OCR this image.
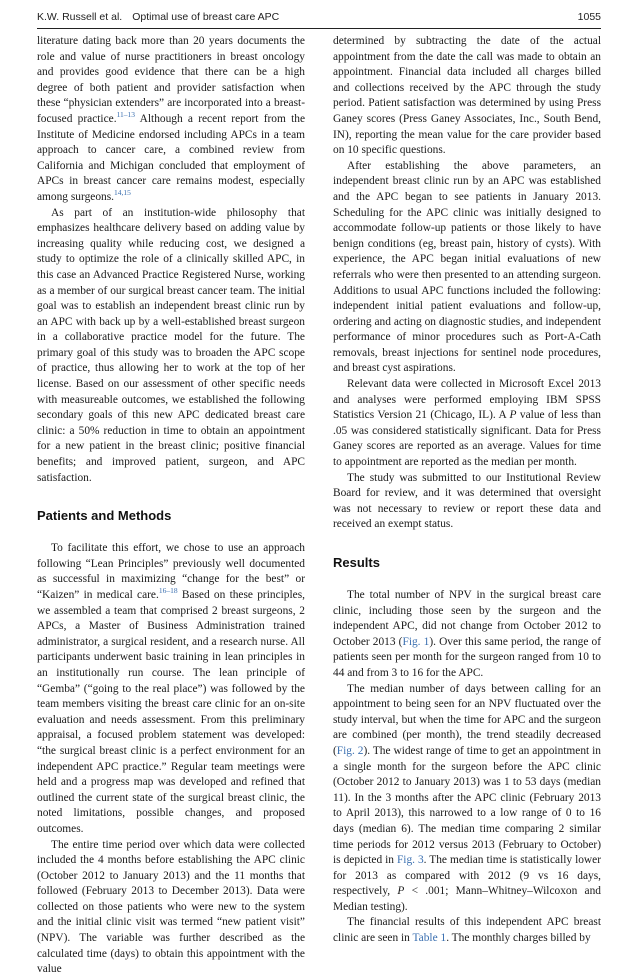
K.W. Russell et al. Optimal use of breast care APC	1055

literature dating back more than 20 years documents the role and value of nurse practitioners in breast oncology and provides good evidence that there can be a high degree of both patient and provider satisfaction when these “physician extenders” are incorporated into a breast-focused practice.$^{11-13}$ Although a recent report from the Institute of Medicine endorsed including APCs in a team approach to cancer care, a combined review from California and Michigan concluded that employment of APCs in breast cancer care remains modest, especially among surgeons.$^{14,15}$

As part of an institution-wide philosophy that emphasizes healthcare delivery based on adding value by increasing quality while reducing cost, we designed a study to optimize the role of a clinically skilled APC, in this case an Advanced Practice Registered Nurse, working as a member of our surgical breast cancer team. The initial goal was to establish an independent breast clinic run by an APC with back up by a well-established breast surgeon in a collaborative practice model for the future. The primary goal of this study was to broaden the APC scope of practice, thus allowing her to work at the top of her license. Based on our assessment of other specific needs with measureable outcomes, we established the following secondary goals of this new APC dedicated breast care clinic: a 50% reduction in time to obtain an appointment for a new patient in the breast clinic; positive financial benefits; and improved patient, surgeon, and APC satisfaction.

Patients and Methods

To facilitate this effort, we chose to use an approach following “Lean Principles” previously well documented as successful in maximizing “change for the best” or “Kaizen” in medical care.$^{16-18}$ Based on these principles, we assembled a team that comprised 2 breast surgeons, 2 APCs, a Master of Business Administration trained administrator, a surgical resident, and a research nurse. All participants underwent basic training in lean principles in an institutionally run course. The lean principle of “Gemba” (“going to the real place”) was followed by the team members visiting the breast care clinic for an on-site evaluation and needs assessment. From this preliminary appraisal, a focused problem statement was developed: “the surgical breast clinic is a perfect environment for an independent APC practice.” Regular team meetings were held and a progress map was developed and refined that outlined the current state of the surgical breast clinic, the noted limitations, possible changes, and proposed outcomes.

The entire time period over which data were collected included the 4 months before establishing the APC clinic (October 2012 to January 2013) and the 11 months that followed (February 2013 to December 2013). Data were collected on those patients who were new to the system and the initial clinic visit was termed “new patient visit” (NPV). The variable was further described as the calculated time (days) to obtain this appointment with the value

determined by subtracting the date of the actual appointment from the date the call was made to obtain an appointment. Financial data included all charges billed and collections received by the APC through the study period. Patient satisfaction was determined by using Press Ganey scores (Press Ganey Associates, Inc., South Bend, IN), reporting the mean value for the care provider based on 10 specific questions.

After establishing the above parameters, an independent breast clinic run by an APC was established and the APC began to see patients in January 2013. Scheduling for the APC clinic was initially designed to accommodate follow-up patients or those likely to have benign conditions (eg, breast pain, history of cysts). With experience, the APC began initial evaluations of new referrals who were then presented to an attending surgeon. Additions to usual APC functions included the following: independent initial patient evaluations and follow-up, ordering and acting on diagnostic studies, and independent performance of minor procedures such as Port-A-Cath removals, breast injections for sentinel node procedures, and breast cyst aspirations.

Relevant data were collected in Microsoft Excel 2013 and analyses were performed employing IBM SPSS Statistics Version 21 (Chicago, IL). A P value of less than .05 was considered statistically significant. Data for Press Ganey scores are reported as an average. Values for time to appointment are reported as the median per month.

The study was submitted to our Institutional Review Board for review, and it was determined that oversight was not necessary to review or report these data and received an exempt status.

Results

The total number of NPV in the surgical breast care clinic, including those seen by the surgeon and the independent APC, did not change from October 2012 to October 2013 (Fig. 1). Over this same period, the range of patients seen per month for the surgeon ranged from 10 to 44 and from 3 to 16 for the APC.

The median number of days between calling for an appointment to being seen for an NPV fluctuated over the study interval, but when the time for APC and the surgeon are combined (per month), the trend steadily decreased (Fig. 2). The widest range of time to get an appointment in a single month for the surgeon before the APC clinic (October 2012 to January 2013) was 1 to 53 days (median 11). In the 3 months after the APC clinic (February 2013 to April 2013), this narrowed to a low range of 0 to 16 days (median 6). The median time comparing 2 similar time periods for 2012 versus 2013 (February to October) is depicted in Fig. 3. The median time is statistically lower for 2013 as compared with 2012 (9 vs 16 days, respectively, P < .001; Mann–Whitney–Wilcoxon and Median testing).

The financial results of this independent APC breast clinic are seen in Table 1. The monthly charges billed by
